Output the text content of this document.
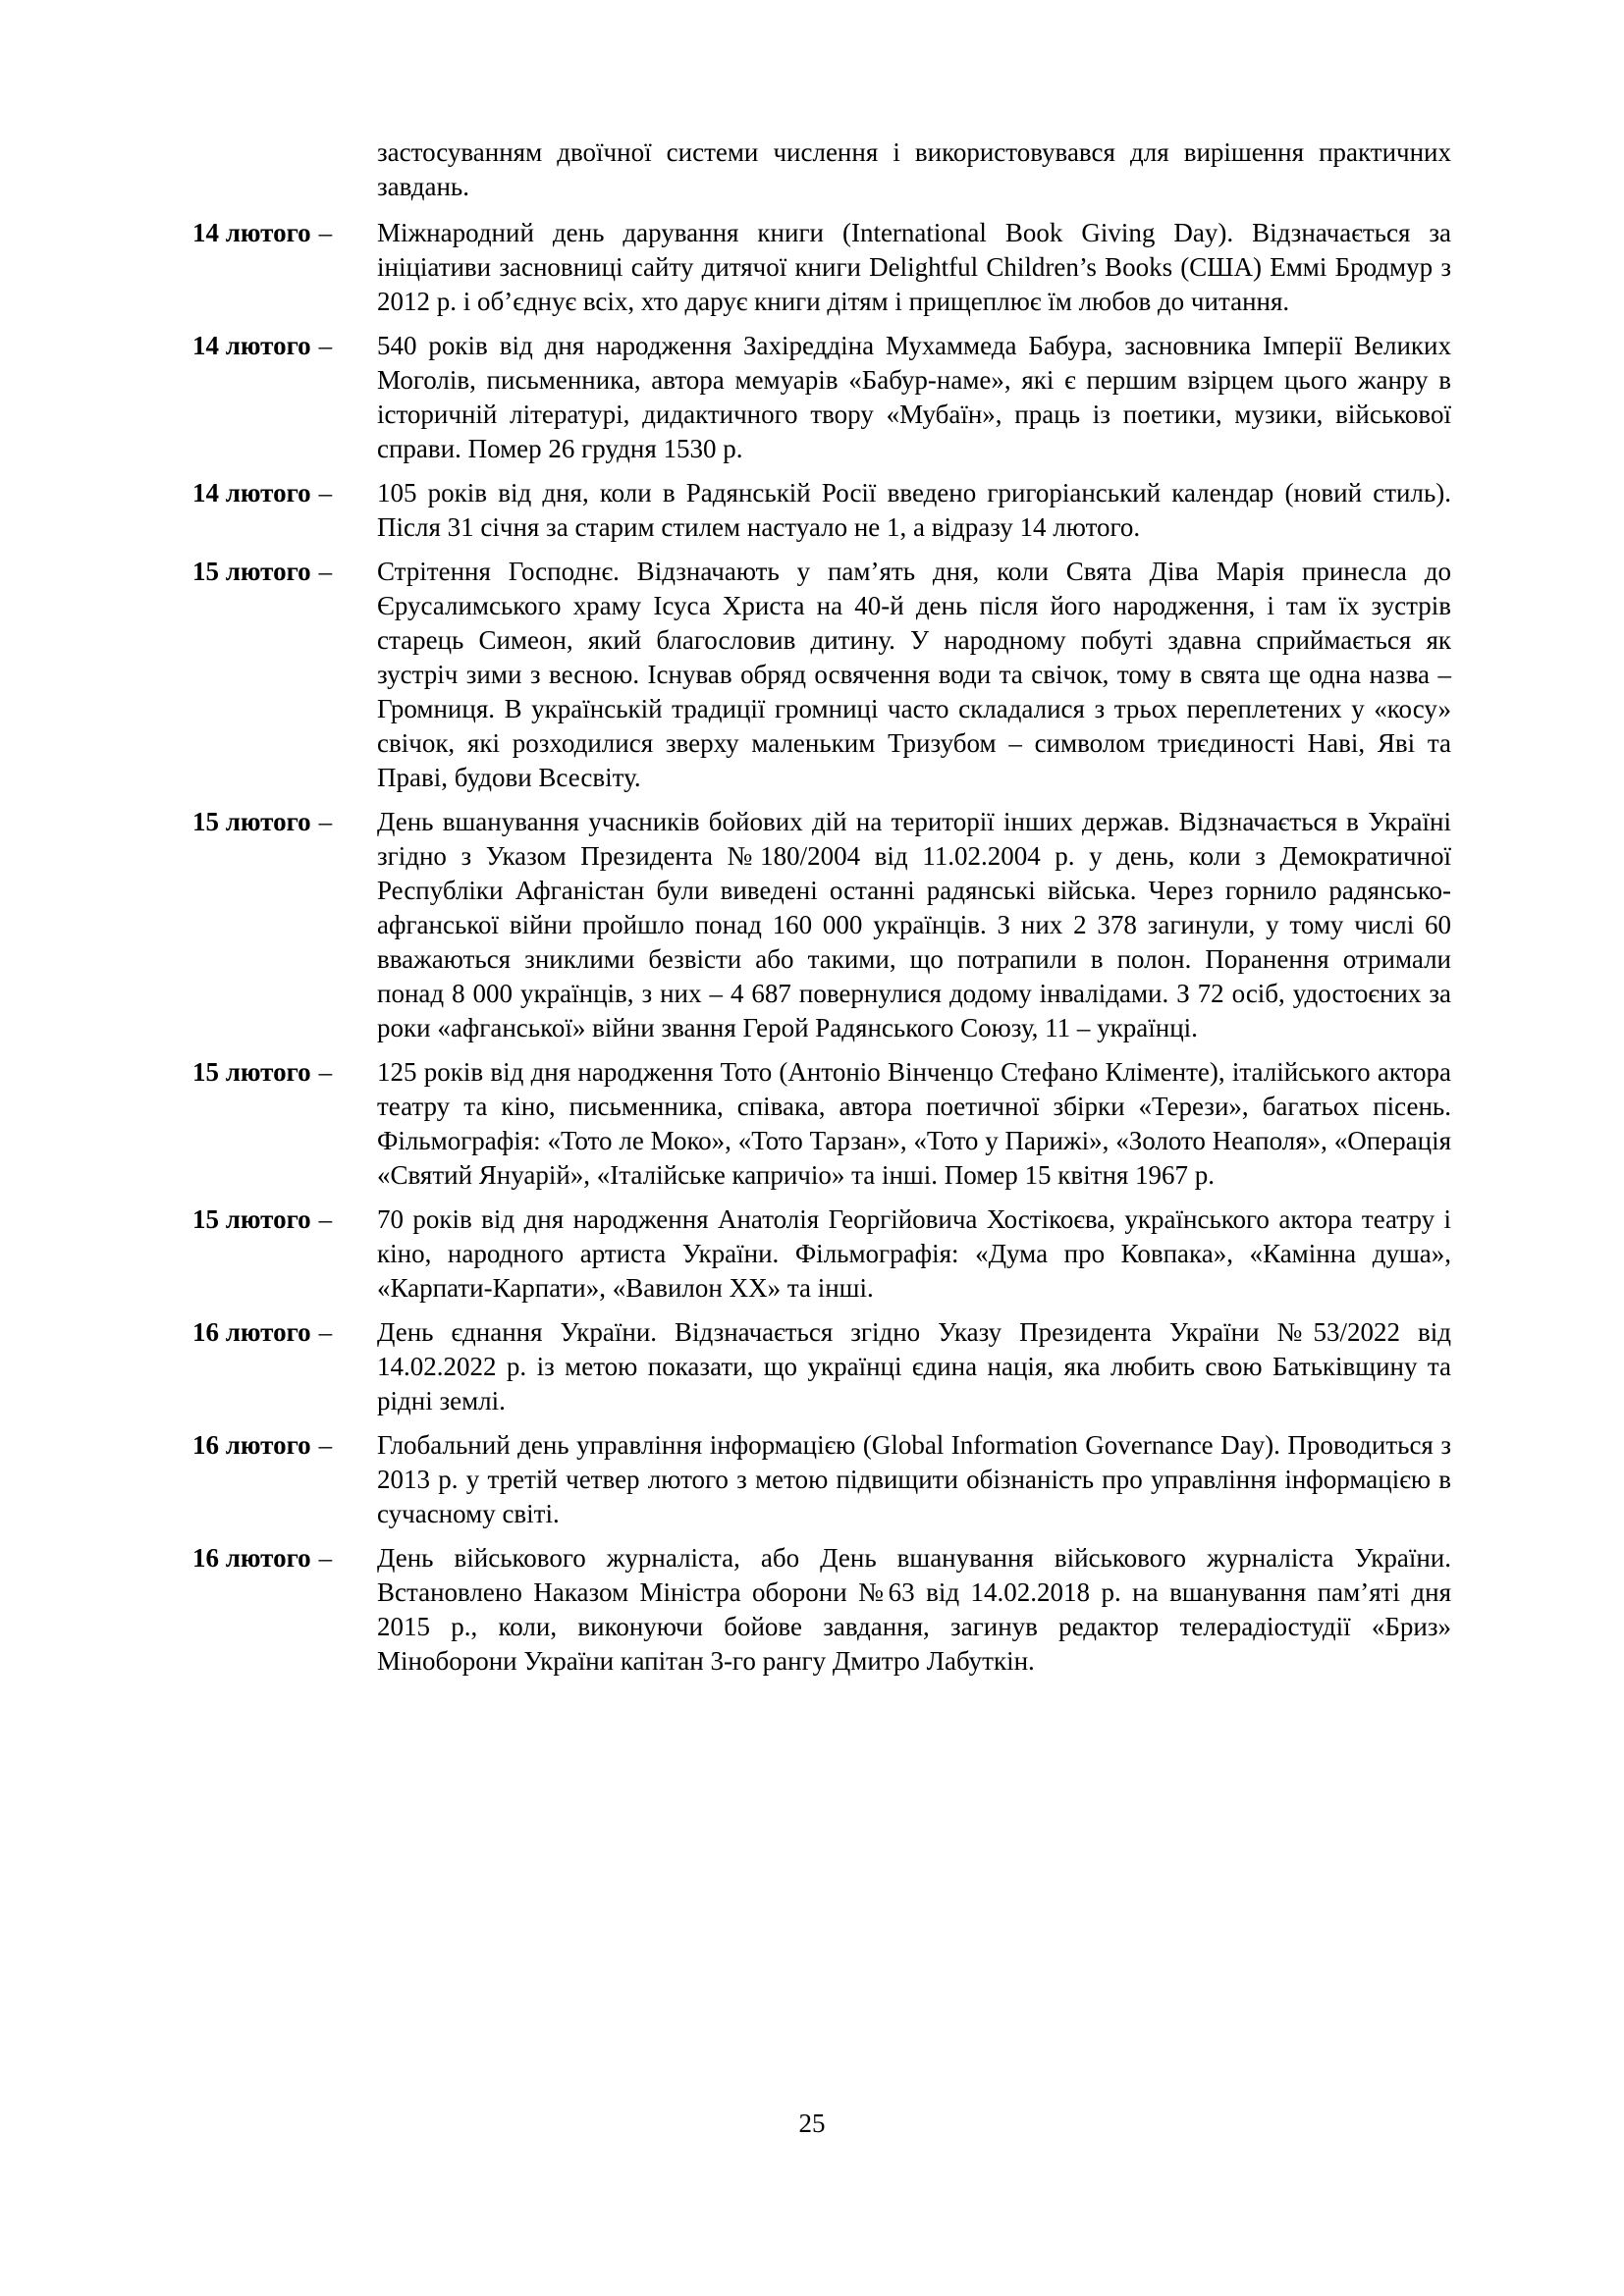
застосуванням двоїчної системи числення і використовувався для вирішення практичних завдань.
14 лютого – Міжнародний день дарування книги (International Book Giving Day). Відзначається за ініціативи засновниці сайту дитячої книги Delightful Children’s Books (США) Еммі Бродмур з 2012 р. і об’єднує всіх, хто дарує книги дітям і прищеплює їм любов до читання.
14 лютого – 540 років від дня народження Захіреддіна Мухаммеда Бабура, засновника Імперії Великих Моголів, письменника, автора мемуарів «Бабур-наме», які є першим взірцем цього жанру в історичній літературі, дидактичного твору «Мубаїн», праць із поетики, музики, військової справи. Помер 26 грудня 1530 р.
14 лютого – 105 років від дня, коли в Радянській Росії введено григоріанський календар (новий стиль). Після 31 січня за старим стилем настуало не 1, а відразу 14 лютого.
15 лютого – Стрітення Господнє. Відзначають у пам’ять дня, коли Свята Діва Марія принесла до Єрусалимського храму Ісуса Христа на 40-й день після його народження, і там їх зустрів старець Симеон, який благословив дитину. У народному побуті здавна сприймається як зустріч зими з весною. Існував обряд освячення води та свічок, тому в свята ще одна назва – Громниця. В українській традиції громниці часто складалися з трьох переплетених у «косу» свічок, які розходилися зверху маленьким Тризубом – символом триєдиності Наві, Яві та Праві, будови Всесвіту.
15 лютого – День вшанування учасників бойових дій на території інших держав. Відзначається в Україні згідно з Указом Президента №180/2004 від 11.02.2004 р. у день, коли з Демократичної Республіки Афганістан були виведені останні радянські війська. Через горнило радянсько-афганської війни пройшло понад 160 000 українців. З них 2 378 загинули, у тому числі 60 вважаються зниклими безвісти або такими, що потрапили в полон. Поранення отримали понад 8 000 українців, з них – 4 687 повернулися додому інвалідами. З 72 осіб, удостоєних за роки «афганської» війни звання Герой Радянського Союзу, 11 – українці.
15 лютого – 125 років від дня народження Тото (Антоніо Вінченцо Стефано Кліменте), італійського актора театру та кіно, письменника, співака, автора поетичної збірки «Терези», багатьох пісень. Фільмографія: «Тото ле Моко», «Тото Тарзан», «Тото у Парижі», «Золото Неаполя», «Операція «Святий Януарій», «Італійське капричіо» та інші. Помер 15 квітня 1967 р.
15 лютого – 70 років від дня народження Анатолія Георгійовича Хостікоєва, українського актора театру і кіно, народного артиста України. Фільмографія: «Дума про Ковпака», «Камінна душа», «Карпати-Карпати», «Вавилон ХХ» та інші.
16 лютого – День єднання України. Відзначається згідно Указу Президента України №53/2022 від 14.02.2022 р. із метою показати, що українці єдина нація, яка любить свою Батьківщину та рідні землі.
16 лютого – Глобальний день управління інформацією (Global Information Governance Day). Проводиться з 2013 р. у третій четвер лютого з метою підвищити обізнаність про управління інформацією в сучасному світі.
16 лютого – День військового журналіста, або День вшанування військового журналіста України. Встановлено Наказом Міністра оборони №63 від 14.02.2018 р. на вшанування пам’яті дня 2015 р., коли, виконуючи бойове завдання, загинув редактор телерадіостудії «Бриз» Міноборони України капітан 3-го рангу Дмитро Лабуткін.
25
